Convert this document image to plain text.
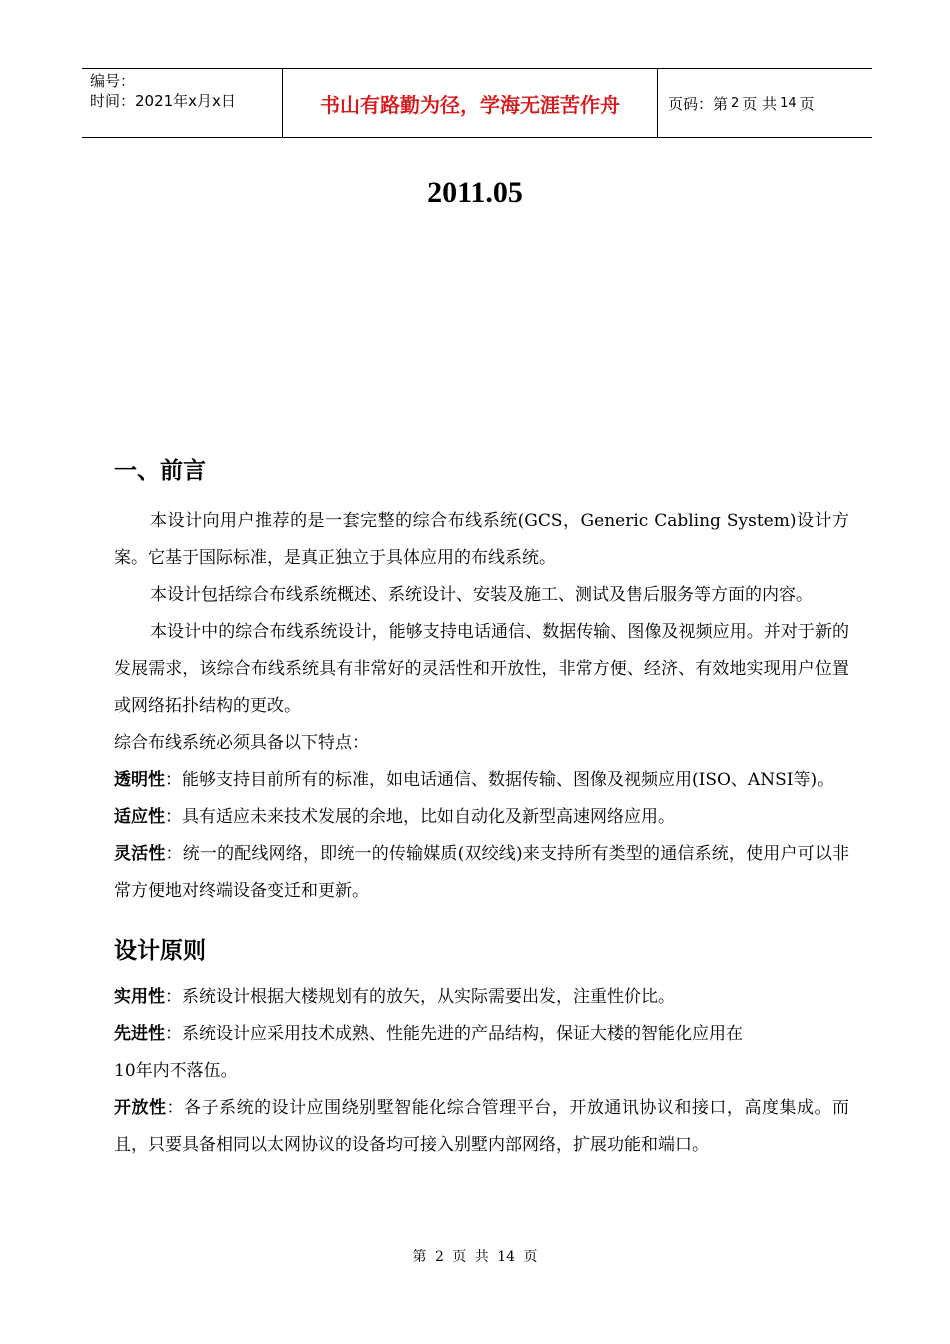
编号：
时间：2021年x月x日	书山有路勤为径，学海无涯苦作舟	页码：第 2 页 共 14 页
2011.05
一、前言

本设计向用户推荐的是一套完整的综合布线系统(GCS，Generic Cabling System)设计方案。它基于国际标准，是真正独立于具体应用的布线系统。

本设计包括综合布线系统概述、系统设计、安装及施工、测试及售后服务等方面的内容。

本设计中的综合布线系统设计，能够支持电话通信、数据传输、图像及视频应用。并对于新的发展需求，该综合布线系统具有非常好的灵活性和开放性，非常方便、经济、有效地实现用户位置或网络拓扑结构的更改。

综合布线系统必须具备以下特点：

透明性：能够支持目前所有的标准，如电话通信、数据传输、图像及视频应用(ISO、ANSI等)。

适应性：具有适应未来技术发展的余地，比如自动化及新型高速网络应用。

灵活性：统一的配线网络，即统一的传输媒质(双绞线)来支持所有类型的通信系统，使用户可以非常方便地对终端设备变迁和更新。

设计原则

实用性：系统设计根据大楼规划有的放矢，从实际需要出发，注重性价比。

先进性：系统设计应采用技术成熟、性能先进的产品结构，保证大楼的智能化应用在
10年内不落伍。

开放性：各子系统的设计应围绕别墅智能化综合管理平台，开放通讯协议和接口，高度集成。而且，只要具备相同以太网协议的设备均可接入别墅内部网络，扩展功能和端口。

第 2 页 共 14 页
